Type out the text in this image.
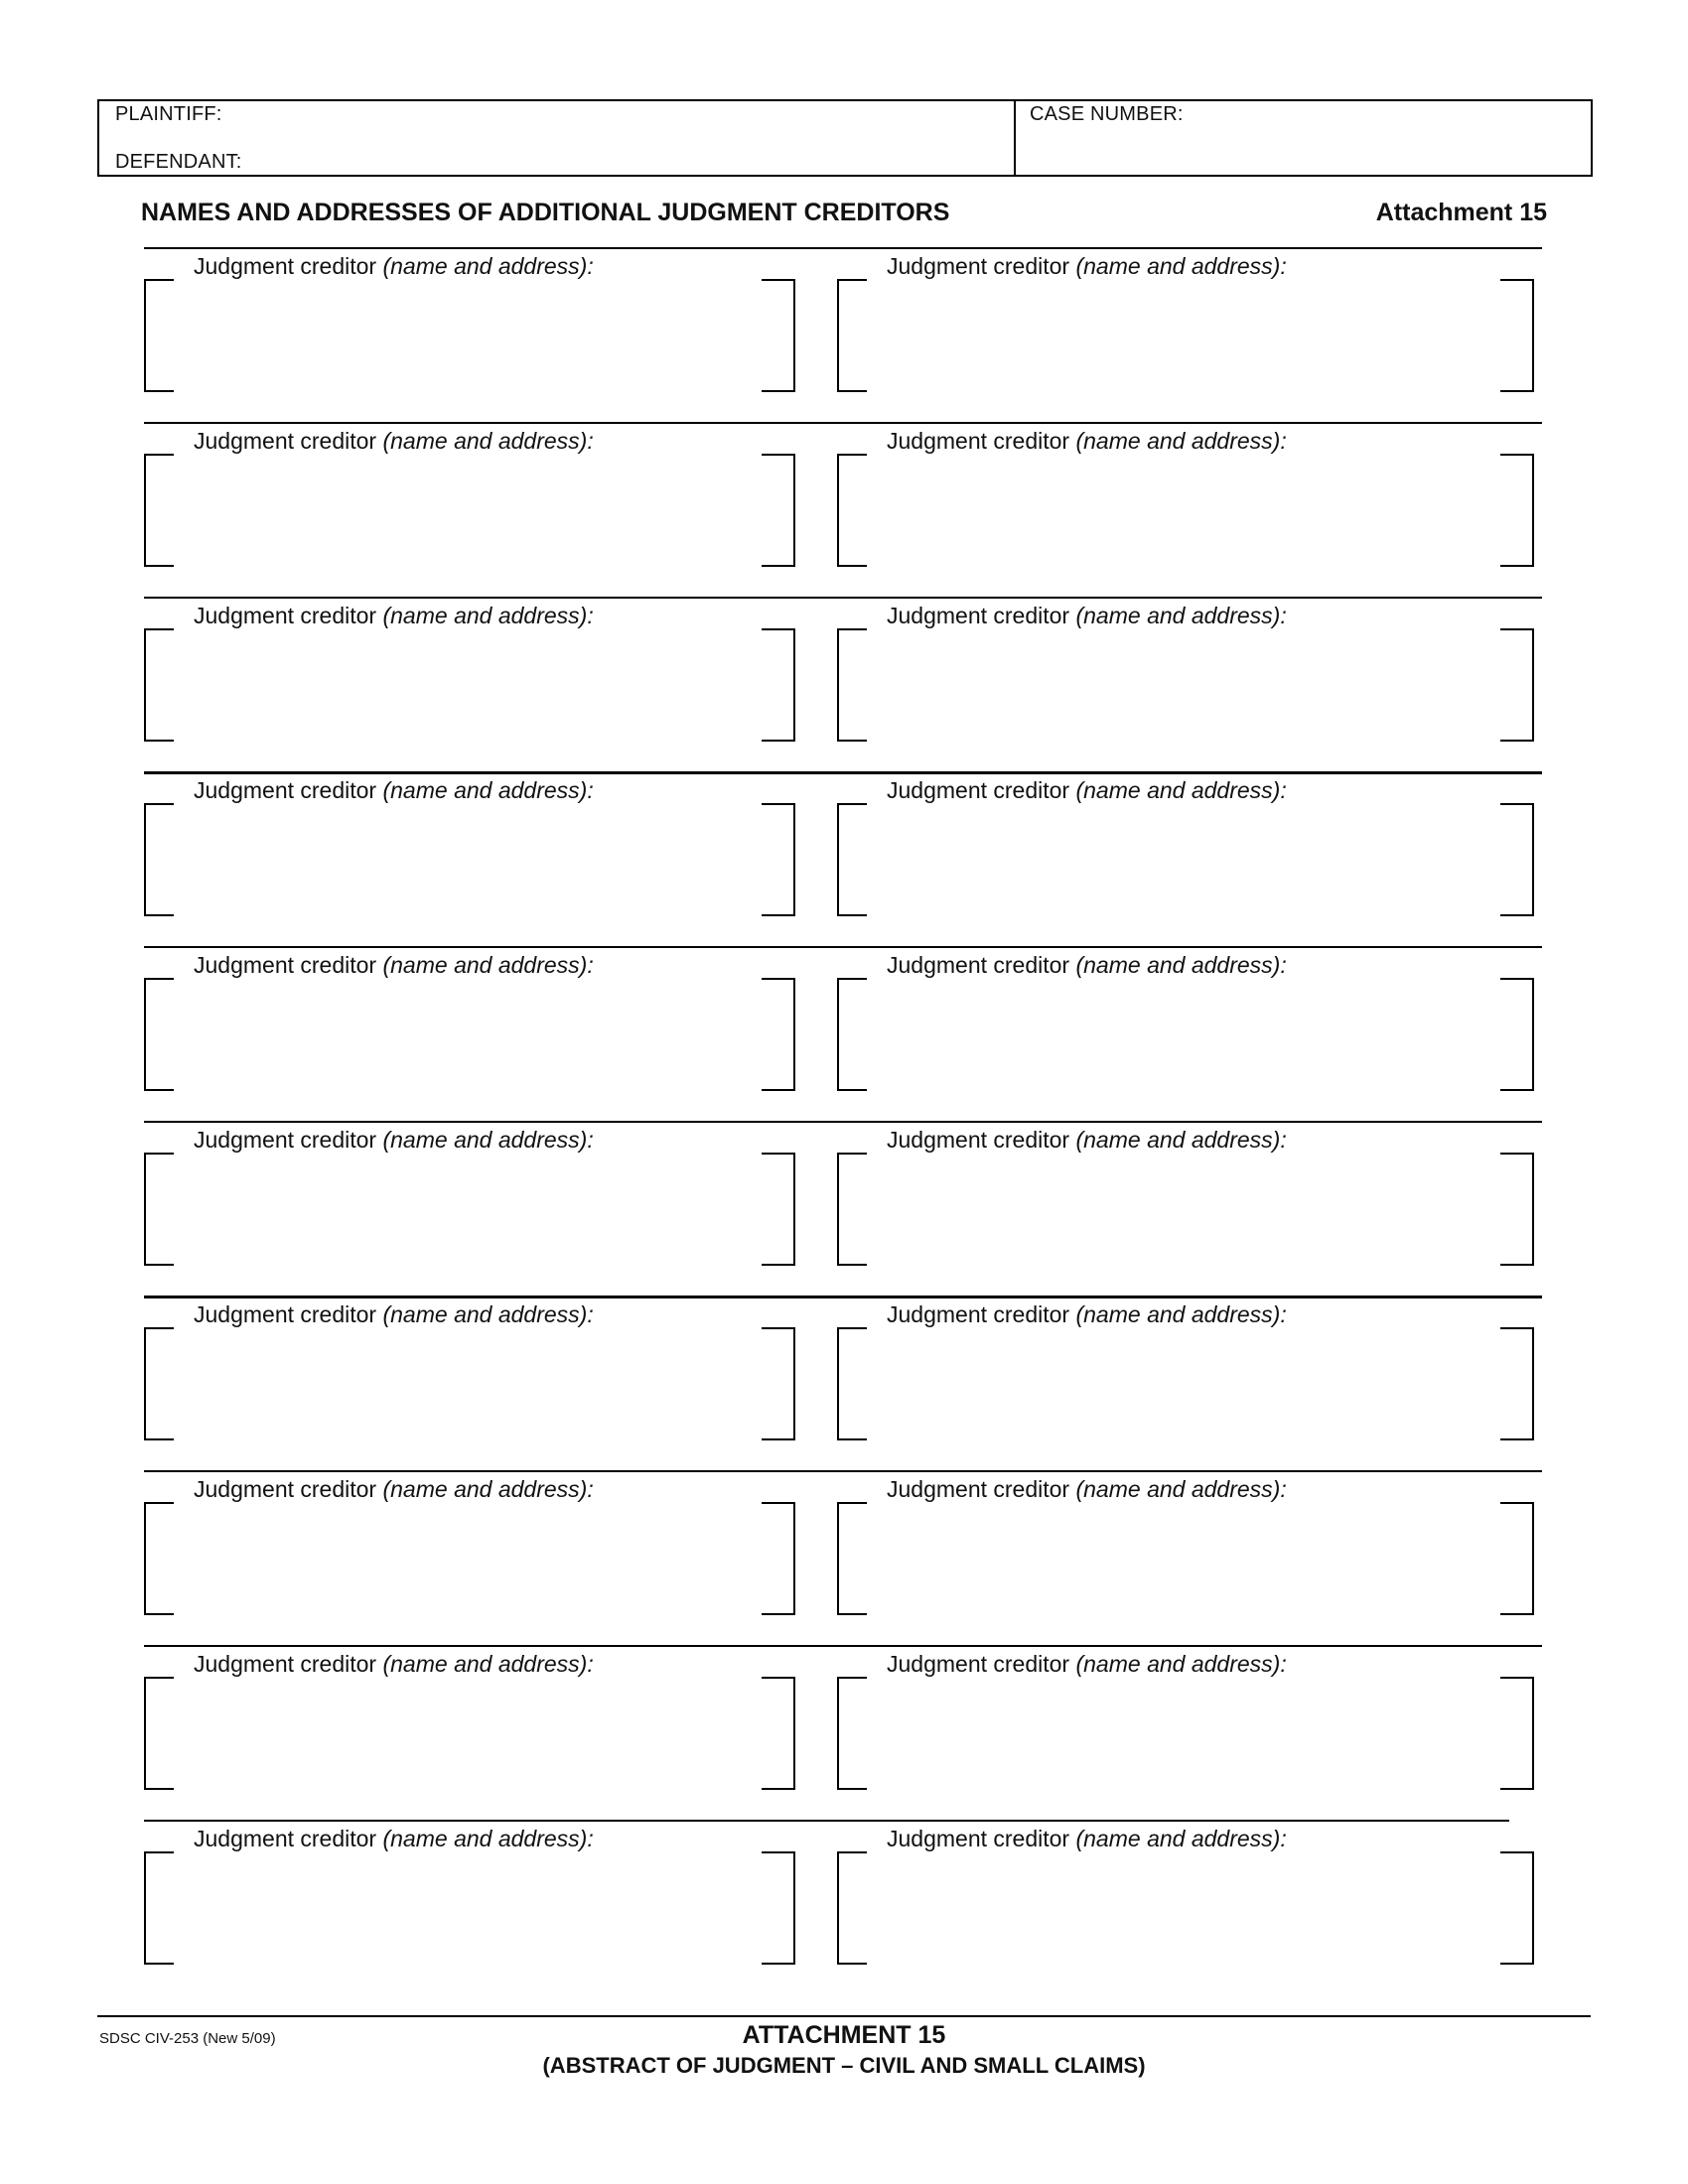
PLAINTIFF:
DEFENDANT:
CASE NUMBER:
NAMES AND ADDRESSES OF ADDITIONAL JUDGMENT CREDITORS	Attachment 15
Judgment creditor (name and address):	Judgment creditor (name and address):
Judgment creditor (name and address):	Judgment creditor (name and address):
Judgment creditor (name and address):	Judgment creditor (name and address):
Judgment creditor (name and address):	Judgment creditor (name and address):
Judgment creditor (name and address):	Judgment creditor (name and address):
Judgment creditor (name and address):	Judgment creditor (name and address):
Judgment creditor (name and address):	Judgment creditor (name and address):
Judgment creditor (name and address):	Judgment creditor (name and address):
Judgment creditor (name and address):	Judgment creditor (name and address):
Judgment creditor (name and address):	Judgment creditor (name and address):
SDSC CIV-253 (New 5/09)	ATTACHMENT 15
(ABSTRACT OF JUDGMENT – CIVIL AND SMALL CLAIMS)
